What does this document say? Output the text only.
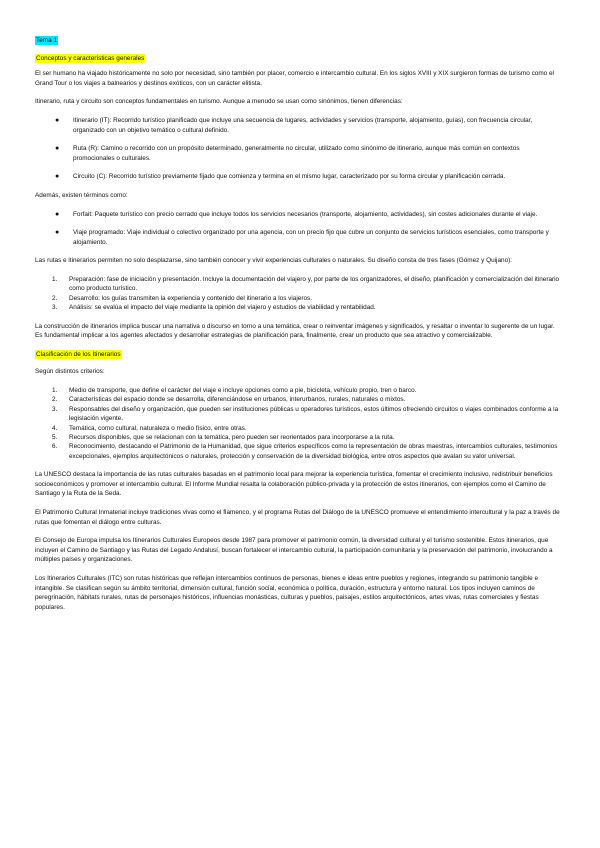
Tema 1

Conceptos y características generales

El ser humano ha viajado históricamente no solo por necesidad, sino también por placer, comercio e intercambio cultural. En los siglos XVIII y XIX surgieron formas de turismo como el Grand Tour o los viajes a balnearios y destinos exóticos, con un carácter elitista.

Itinerario, ruta y circuito son conceptos fundamentales en turismo. Aunque a menudo se usan como sinónimos, tienen diferencias:

● Itinerario (IT): Recorrido turístico planificado que incluye una secuencia de lugares, actividades y servicios (transporte, alojamiento, guías), con frecuencia circular, organizado con un objetivo temático o cultural definido.
● Ruta (R): Camino o recorrido con un propósito determinado, generalmente no circular, utilizado como sinónimo de itinerario, aunque más común en contextos promocionales o culturales.
● Circuito (C): Recorrido turístico previamente fijado que comienza y termina en el mismo lugar, caracterizado por su forma circular y planificación cerrada.

Además, existen términos como:

● Forfait: Paquete turístico con precio cerrado que incluye todos los servicios necesarios (transporte, alojamiento, actividades), sin costes adicionales durante el viaje.
● Viaje programado: Viaje individual o colectivo organizado por una agencia, con un precio fijo que cubre un conjunto de servicios turísticos esenciales, como transporte y alojamiento.

Las rutas e itinerarios permiten no solo desplazarse, sino también conocer y vivir experiencias culturales o naturales. Su diseño consta de tres fases (Gómez y Quijano):

1. Preparación: fase de iniciación y presentación. Incluye la documentación del viajero y, por parte de los organizadores, el diseño, planificación y comercialización del itinerario como producto turístico.
2. Desarrollo: los guías transmiten la experiencia y contenido del itinerario a los viajeros.
3. Análisis: se evalúa el impacto del viaje mediante la opinión del viajero y estudios de viabilidad y rentabilidad.

La construcción de itinerarios implica buscar una narrativa o discurso en torno a una temática, crear o reinventar imágenes y significados, y resaltar o inventar lo sugerente de un lugar. Es fundamental implicar a los agentes afectados y desarrollar estrategias de planificación para, finalmente, crear un producto que sea atractivo y comercializable.

Clasificación de los Itinerarios

Según distintos criterios:

1. Medio de transporte, que define el carácter del viaje e incluye opciones como a pie, bicicleta, vehículo propio, tren o barco.
2. Características del espacio donde se desarrolla, diferenciándose en urbanos, interurbanos, rurales, naturales o mixtos.
3. Responsables del diseño y organización, que pueden ser instituciones públicas u operadores turísticos, estos últimos ofreciendo circuitos o viajes combinados conforme a la legislación vigente.
4. Temática, como cultural, naturaleza o medio físico, entre otras.
5. Recursos disponibles, que se relacionan con la temática, pero pueden ser reorientados para incorporarse a la ruta.
6. Reconocimiento, destacando el Patrimonio de la Humanidad, que sigue criterios específicos como la representación de obras maestras, intercambios culturales, testimonios excepcionales, ejemplos arquitectónicos o naturales, protección y conservación de la diversidad biológica, entre otros aspectos que avalan su valor universal.

La UNESCO destaca la importancia de las rutas culturales basadas en el patrimonio local para mejorar la experiencia turística, fomentar el crecimiento inclusivo, redistribuir beneficios socioeconómicos y promover el intercambio cultural. El Informe Mundial resalta la colaboración público-privada y la protección de estos itinerarios, con ejemplos como el Camino de Santiago y la Ruta de la Seda.

El Patrimonio Cultural Inmaterial incluye tradiciones vivas como el flamenco, y el programa Rutas del Diálogo de la UNESCO promueve el entendimiento intercultural y la paz a través de rutas que fomentan el diálogo entre culturas.

El Consejo de Europa impulsa los Itinerarios Culturales Europeos desde 1987 para promover el patrimonio común, la diversidad cultural y el turismo sostenible. Estos itinerarios, que incluyen el Camino de Santiago y las Rutas del Legado Andalusí, buscan fortalecer el intercambio cultural, la participación comunitaria y la preservación del patrimonio, involucrando a múltiples países y organizaciones.

Los Itinerarios Culturales (ITC) son rutas históricas que reflejan intercambios continuos de personas, bienes e ideas entre pueblos y regiones, integrando su patrimonio tangible e intangible. Se clasifican según su ámbito territorial, dimensión cultural, función social, económica o política, duración, estructura y entorno natural. Los tipos incluyen caminos de peregrinación, hábitats rurales, rutas de personajes históricos, influencias monásticas, culturas y pueblos, paisajes, estilos arquitectónicos, artes vivas, rutas comerciales y fiestas populares.
